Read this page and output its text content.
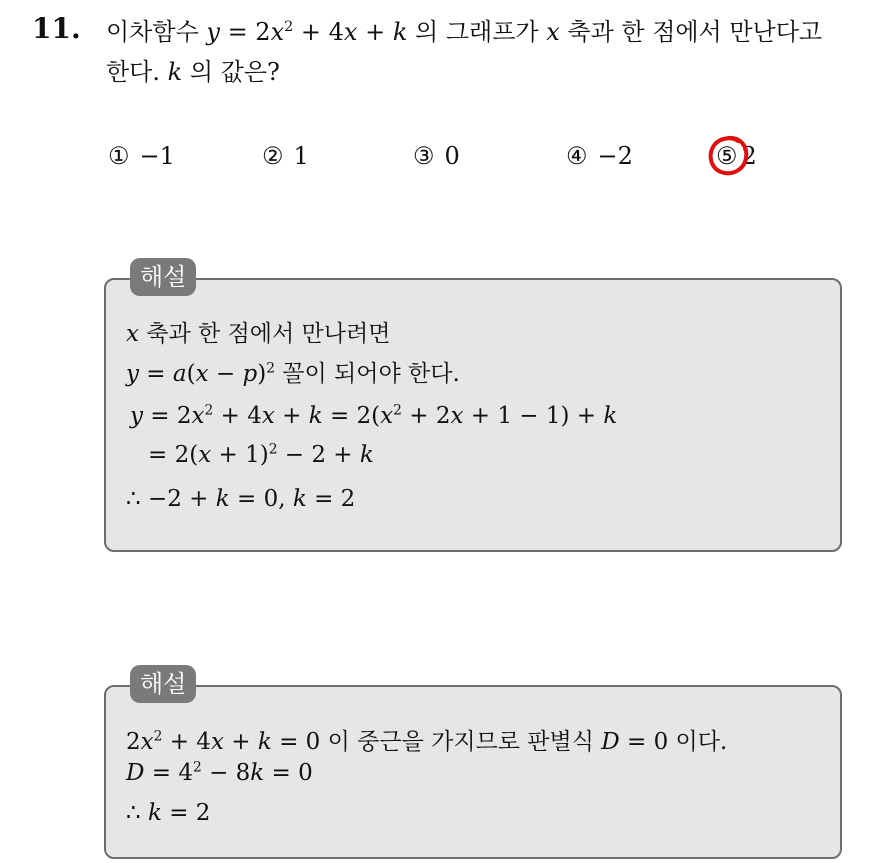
11. 이차함수 $y = 2x^2 + 4x + k$ 의 그래프가 x 축과 한 점에서 만난다고
한다. k 의 값은?
① −1	② 1	③ 0	④ −2	⑤ 2
해설
x 축과 한 점에서 만나려면
$y = a(x - p)^2$ 꼴이 되어야 한다.
$y = 2x^2 + 4x + k = 2(x^2 + 2x + 1 - 1) + k$
= $2(x + 1)^2 - 2 + k$
∴ −2 + k = 0, k = 2
해설
$2x^2 + 4x + k = 0$ 이 중근을 가지므로 판별식 D = 0 이다.
$D = 4^2 - 8k = 0$
∴ k = 2
